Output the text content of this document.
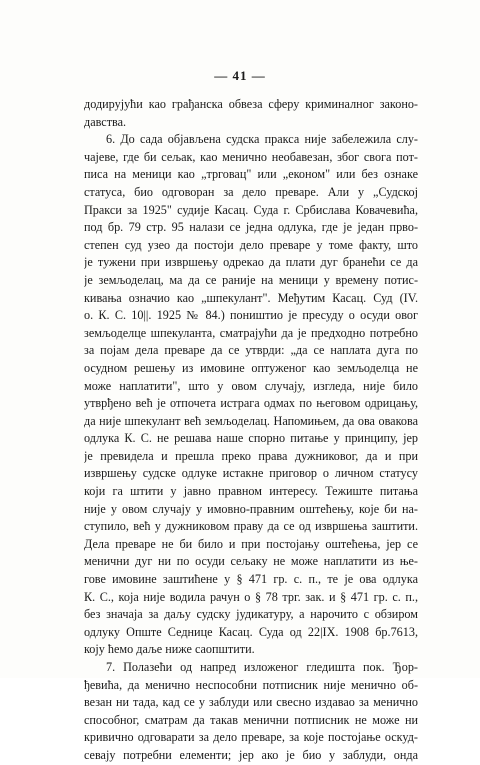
— 41 —
додирујући као грађанска обвеза сферу криминалног законо-
давства.
6. До сада објављена судска пракса није забележила слу-
чајеве, где би сељак, као менично необавезан, због свога пот-
писа на меници као „трговац" или „економ" или без ознаке
статуса, био одговоран за дело преваре. Али у „Судској
Пракси за 1925" судије Касац. Суда г. Србислава Ковачевића,
под бр. 79 стр. 95 налази се једна одлука, где је један прво-
степен суд узео да постоји дело преваре у томе факту, што
је тужени при извршењу одрекао да плати дуг бранећи се да
је земљоделац, ма да се раније на меници у времену потис-
кивања означио као „шпекулант". Међутим Касац. Суд (IV.
о. К. С. 10||. 1925 № 84.) поништио је пресуду о осуди овог
земљоделце шпекуланта, сматрајући да је предходно потребно
за појам дела преваре да се утврди: „да се наплата дуга по
осудном решењу из имовине оптуженог као земљоделца не
може наплатити", што у овом случају, изгледа, није било
утврђено већ је отпочета истрага одмах по његовом одрицању,
да није шпекулант већ земљоделац. Напомињем, да ова овакова
одлука К. С. не решава наше спорно питање у принципу, јер
је превидела и прешла преко права дужниковог, да и при
извршењу судске одлуке истакне приговор о личном статусу
који га штити у јавно правном интересу. Тежиште питања
није у овом случају у имовно-правним оштећењу, које би на-
ступило, већ у дужниковом праву да се од извршења заштити.
Дела преваре не би било и при постојању оштећења, јер се
менични дуг ни по осуди сељаку не може наплатити из ње-
гове имовине заштићене у § 471 гр. с. п., те је ова одлука
К. С., која није водила рачун о § 78 трг. зак. и § 471 гр. с. п.,
без значаја за даљу судску јудикатуру, а нарочито с обзиром
одлуку Опште Седнице Касац. Суда од 22|IX. 1908 бр.7613,
коју ћемо даље ниже саопштити.
7. Полазећи од напред изложеног гледишта пок. Ђор-
ђевића, да менично неспособни потписник није менично об-
везан ни тада, кад се у заблуди или свесно издавао за менично
способног, сматрам да такав менични потписник не може ни
кривично одговарати за дело преваре, за које постојање оскуд-
севају потребни елементи; јер ако је био у заблуди, онда
